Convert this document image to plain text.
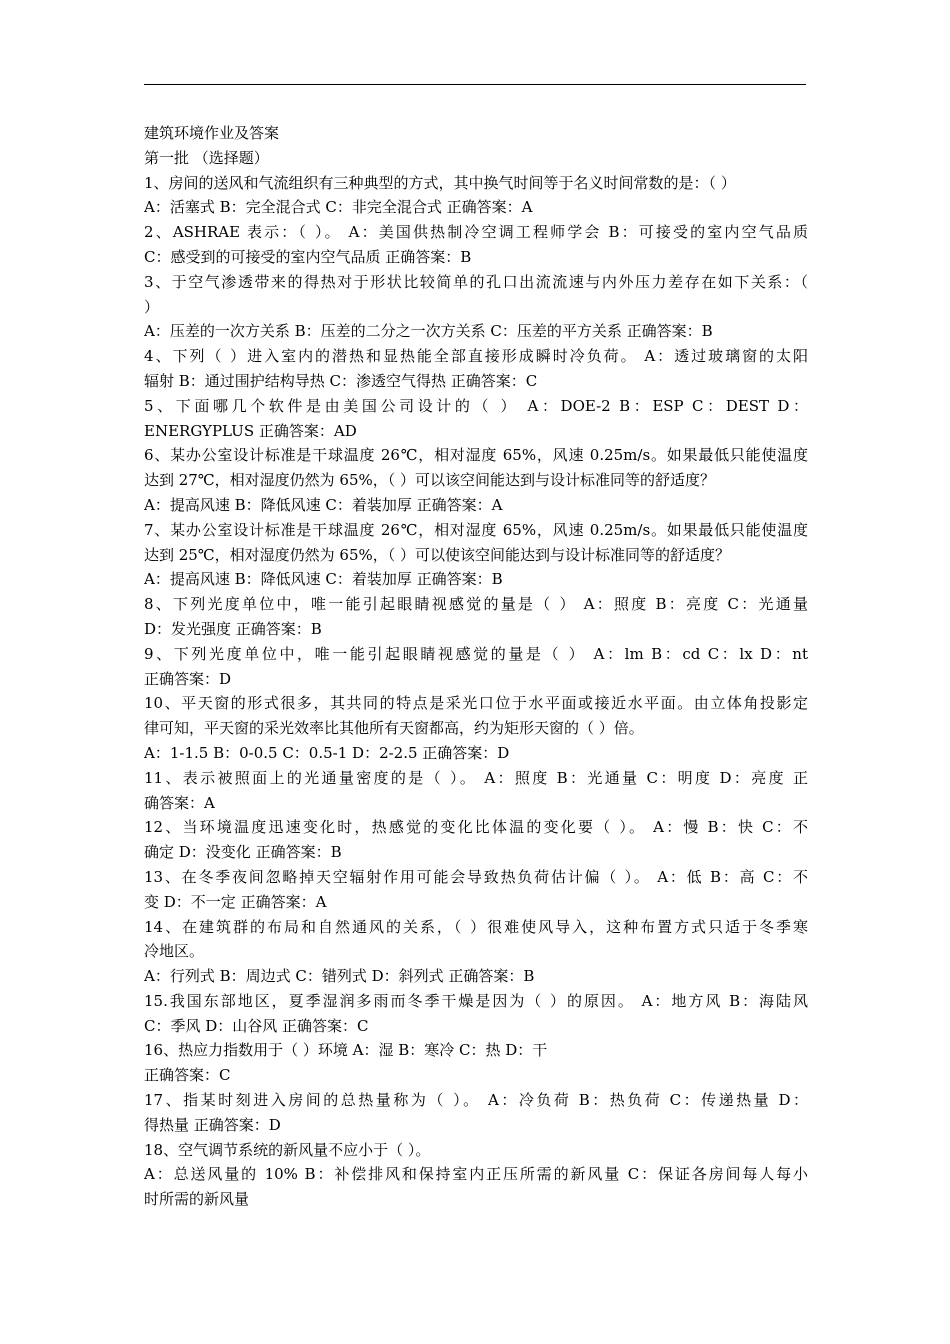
建筑环境作业及答案
第一批 （选择题）
1、房间的送风和气流组织有三种典型的方式，其中换气时间等于名义时间常数的是：（ ）
A：活塞式 B：完全混合式 C：非完全混合式 正确答案：A
2、ASHRAE 表示：（ ）。 A：美国供热制冷空调工程师学会 B：可接受的室内空气品质
C：感受到的可接受的室内空气品质 正确答案：B
3、于空气渗透带来的得热对于形状比较简单的孔口出流流速与内外压力差存在如下关系：（
）
A：压差的一次方关系 B：压差的二分之一次方关系 C：压差的平方关系 正确答案：B
4、下列（ ）进入室内的潜热和显热能全部直接形成瞬时冷负荷。 A：透过玻璃窗的太阳
辐射 B：通过围护结构导热 C：渗透空气得热 正确答案：C
5、下面哪几个软件是由美国公司设计的（ ） A：DOE-2 B：ESP C：DEST D：
ENERGYPLUS 正确答案：AD
6、某办公室设计标准是干球温度 26℃，相对湿度 65%，风速 0.25m/s。如果最低只能使温度
达到 27℃，相对湿度仍然为 65%，（ ）可以该空间能达到与设计标准同等的舒适度？
A：提高风速 B：降低风速 C：着装加厚 正确答案：A
7、某办公室设计标准是干球温度 26℃，相对湿度 65%，风速 0.25m/s。如果最低只能使温度
达到 25℃，相对湿度仍然为 65%，（ ）可以使该空间能达到与设计标准同等的舒适度？
A：提高风速 B：降低风速 C：着装加厚 正确答案：B
8、下列光度单位中，唯一能引起眼睛视感觉的量是（ ） A：照度 B：亮度 C：光通量
D：发光强度 正确答案：B
9、下列光度单位中，唯一能引起眼睛视感觉的量是（ ） A：lm B：cd C：lx D：nt
正确答案：D
10、平天窗的形式很多，其共同的特点是采光口位于水平面或接近水平面。由立体角投影定
律可知，平天窗的采光效率比其他所有天窗都高，约为矩形天窗的（ ）倍。
A：1-1.5 B：0-0.5 C：0.5-1 D：2-2.5 正确答案：D
11、表示被照面上的光通量密度的是（ ）。 A：照度 B：光通量 C：明度 D：亮度 正
确答案：A
12、当环境温度迅速变化时，热感觉的变化比体温的变化要（ ）。 A：慢 B：快 C：不
确定 D：没变化 正确答案：B
13、在冬季夜间忽略掉天空辐射作用可能会导致热负荷估计偏（ ）。 A：低 B：高 C：不
变 D：不一定 正确答案：A
14、在建筑群的布局和自然通风的关系，（ ）很难使风导入，这种布置方式只适于冬季寒
冷地区。
A：行列式 B：周边式 C：错列式 D：斜列式 正确答案：B
15.我国东部地区，夏季湿润多雨而冬季干燥是因为（ ）的原因。 A：地方风 B：海陆风
C：季风 D：山谷风 正确答案：C
16、热应力指数用于（ ）环境 A：湿 B：寒冷 C：热 D：干
正确答案：C
17、指某时刻进入房间的总热量称为（ ）。 A：冷负荷 B：热负荷 C：传递热量 D：
得热量 正确答案：D
18、空气调节系统的新风量不应小于（ ）。
A：总送风量的 10% B：补偿排风和保持室内正压所需的新风量 C：保证各房间每人每小
时所需的新风量
